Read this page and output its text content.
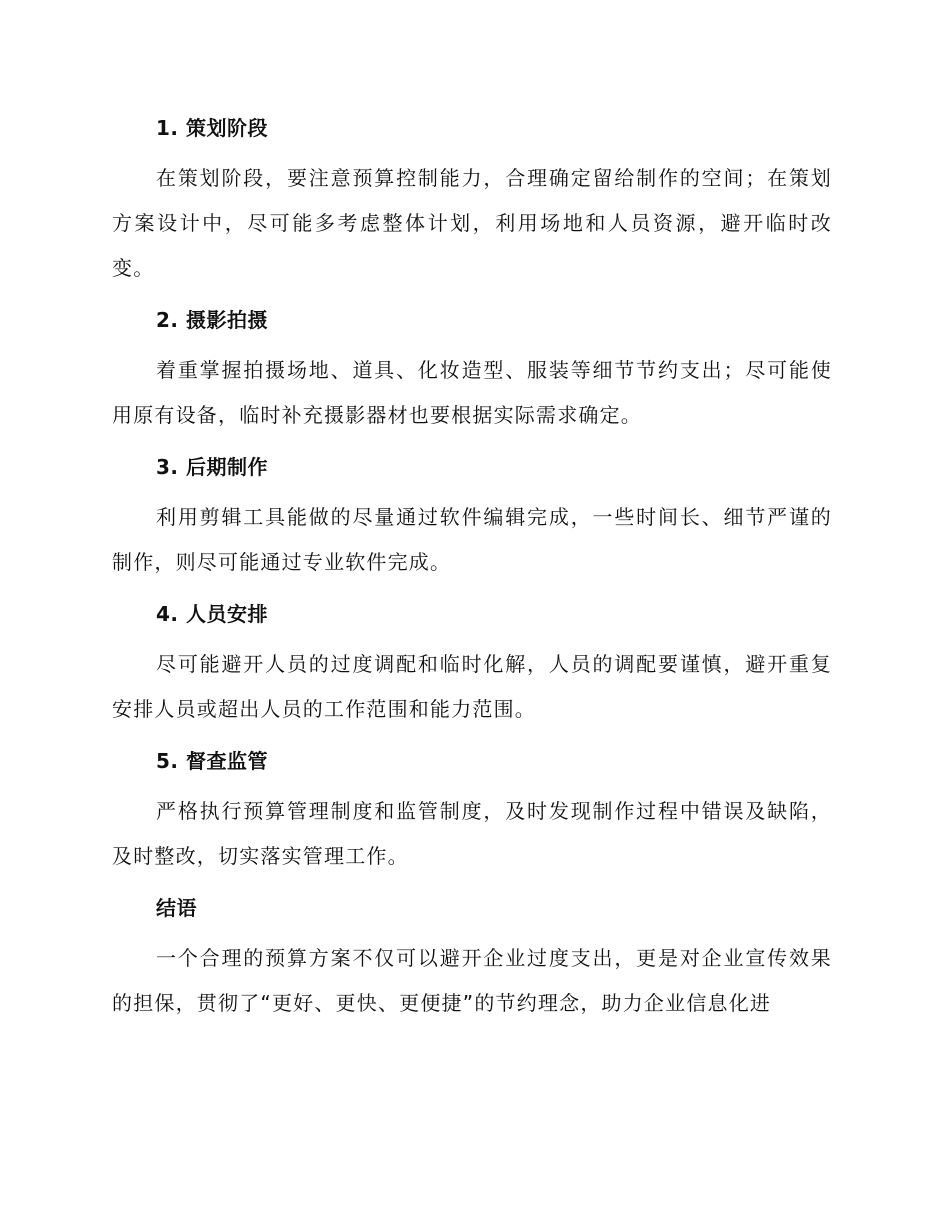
1. 策划阶段
在策划阶段，要注意预算控制能力，合理确定留给制作的空间；在策划方案设计中，尽可能多考虑整体计划，利用场地和人员资源，避开临时改变。
2. 摄影拍摄
着重掌握拍摄场地、道具、化妆造型、服装等细节节约支出；尽可能使用原有设备，临时补充摄影器材也要根据实际需求确定。
3. 后期制作
利用剪辑工具能做的尽量通过软件编辑完成，一些时间长、细节严谨的制作，则尽可能通过专业软件完成。
4. 人员安排
尽可能避开人员的过度调配和临时化解，人员的调配要谨慎，避开重复安排人员或超出人员的工作范围和能力范围。
5. 督查监管
严格执行预算管理制度和监管制度，及时发现制作过程中错误及缺陷，及时整改，切实落实管理工作。
结语
一个合理的预算方案不仅可以避开企业过度支出，更是对企业宣传效果的担保，贯彻了“更好、更快、更便捷”的节约理念，助力企业信息化进
